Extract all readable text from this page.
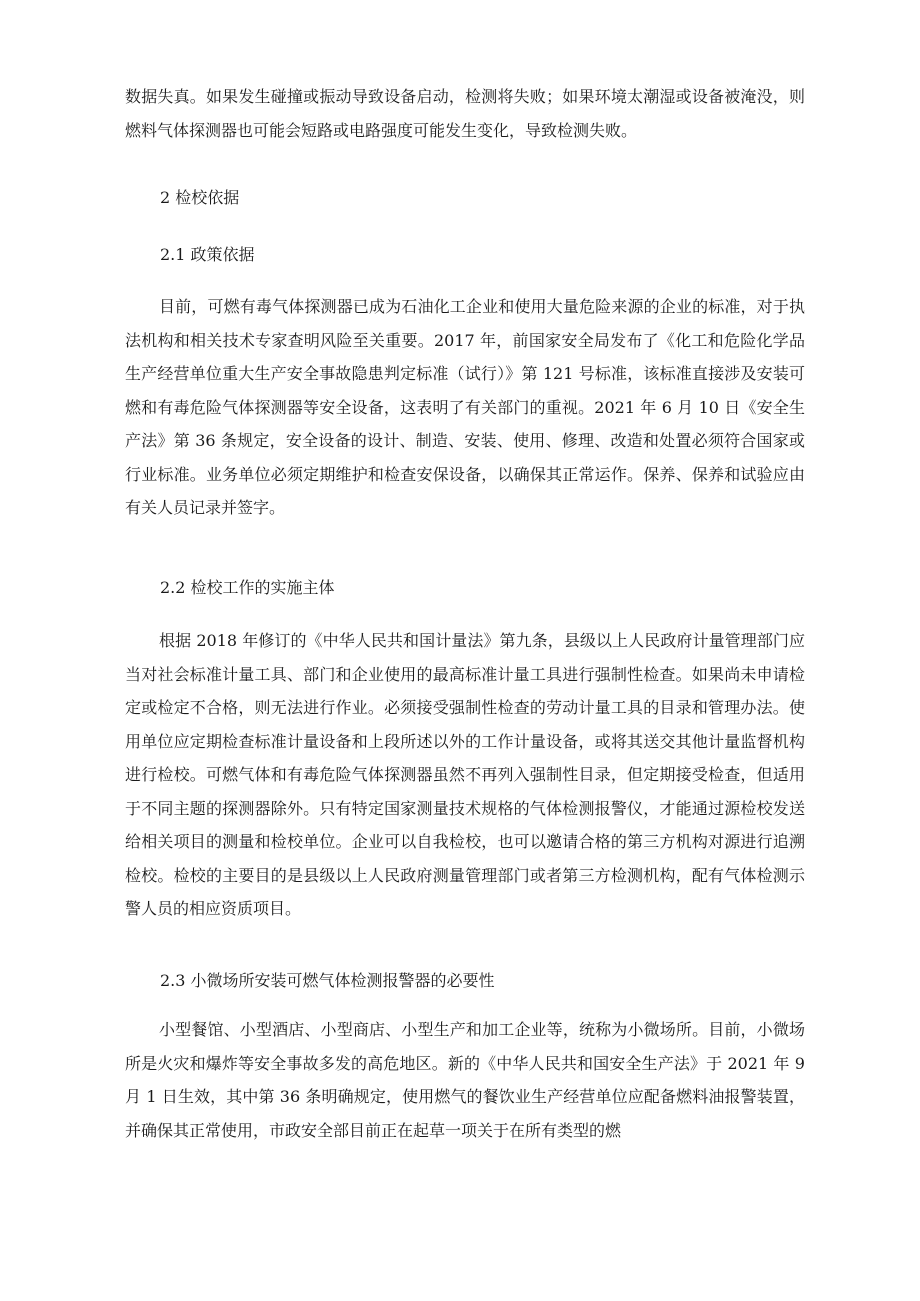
数据失真。如果发生碰撞或振动导致设备启动，检测将失败；如果环境太潮湿或设备被淹没，则燃料气体探测器也可能会短路或电路强度可能发生变化，导致检测失败。

2 检校依据
2.1 政策依据

目前，可燃有毒气体探测器已成为石油化工企业和使用大量危险来源的企业的标准，对于执法机构和相关技术专家查明风险至关重要。2017 年，前国家安全局发布了《化工和危险化学品生产经营单位重大生产安全事故隐患判定标准（试行）》第 121 号标准，该标准直接涉及安装可燃和有毒危险气体探测器等安全设备，这表明了有关部门的重视。2021 年 6 月 10 日《安全生产法》第 36 条规定，安全设备的设计、制造、安装、使用、修理、改造和处置必须符合国家或行业标准。业务单位必须定期维护和检查安保设备，以确保其正常运作。保养、保养和试验应由有关人员记录并签字。

2.2 检校工作的实施主体

根据 2018 年修订的《中华人民共和国计量法》第九条，县级以上人民政府计量管理部门应当对社会标准计量工具、部门和企业使用的最高标准计量工具进行强制性检查。如果尚未申请检定或检定不合格，则无法进行作业。必须接受强制性检查的劳动计量工具的目录和管理办法。使用单位应定期检查标准计量设备和上段所述以外的工作计量设备，或将其送交其他计量监督机构进行检校。可燃气体和有毒危险气体探测器虽然不再列入强制性目录，但定期接受检查，但适用于不同主题的探测器除外。只有特定国家测量技术规格的气体检测报警仪，才能通过源检校发送给相关项目的测量和检校单位。企业可以自我检校，也可以邀请合格的第三方机构对源进行追溯检校。检校的主要目的是县级以上人民政府测量管理部门或者第三方检测机构，配有气体检测示警人员的相应资质项目。

2.3 小微场所安装可燃气体检测报警器的必要性

小型餐馆、小型酒店、小型商店、小型生产和加工企业等，统称为小微场所。目前，小微场所是火灾和爆炸等安全事故多发的高危地区。新的《中华人民共和国安全生产法》于 2021 年 9 月 1 日生效，其中第 36 条明确规定，使用燃气的餐饮业生产经营单位应配备燃料油报警装置，并确保其正常使用，市政安全部目前正在起草一项关于在所有类型的燃
